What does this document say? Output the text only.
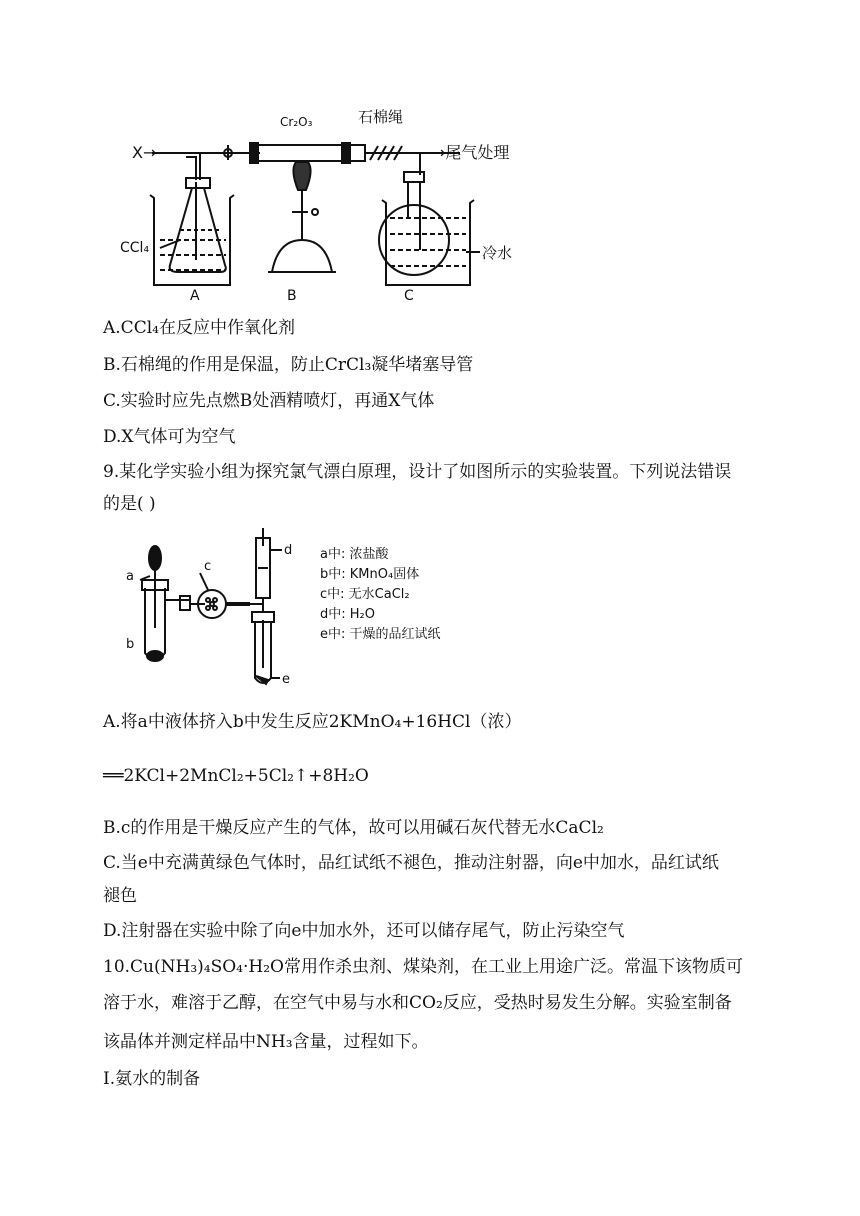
X→
Cr₂O₃	石棉绳
→尾气处理
CCl₄	冷水
A	B	C
A.CCl₄在反应中作氧化剂
B.石棉绳的作用是保温，防止CrCl₃凝华堵塞导管
C.实验时应先点燃B处酒精喷灯，再通X气体
D.X气体可为空气
9.某化学实验小组为探究氯气漂白原理，设计了如图所示的实验装置。下列说法错误
的是( )
a
b
c
d
e
a中: 浓盐酸
b中: KMnO₄固体
c中: 无水CaCl₂
d中: H₂O
e中: 干燥的品红试纸
A.将a中液体挤入b中发生反应2KMnO₄+16HCl（浓）
══2KCl+2MnCl₂+5Cl₂↑+8H₂O
B.c的作用是干燥反应产生的气体，故可以用碱石灰代替无水CaCl₂
C.当e中充满黄绿色气体时，品红试纸不褪色，推动注射器，向e中加水，品红试纸
褪色
D.注射器在实验中除了向e中加水外，还可以储存尾气，防止污染空气
10.Cu(NH₃)₄SO₄·H₂O常用作杀虫剂、煤染剂，在工业上用途广泛。常温下该物质可
溶于水，难溶于乙醇，在空气中易与水和CO₂反应，受热时易发生分解。实验室制备
该晶体并测定样品中NH₃含量，过程如下。
Ⅰ.氨水的制备
